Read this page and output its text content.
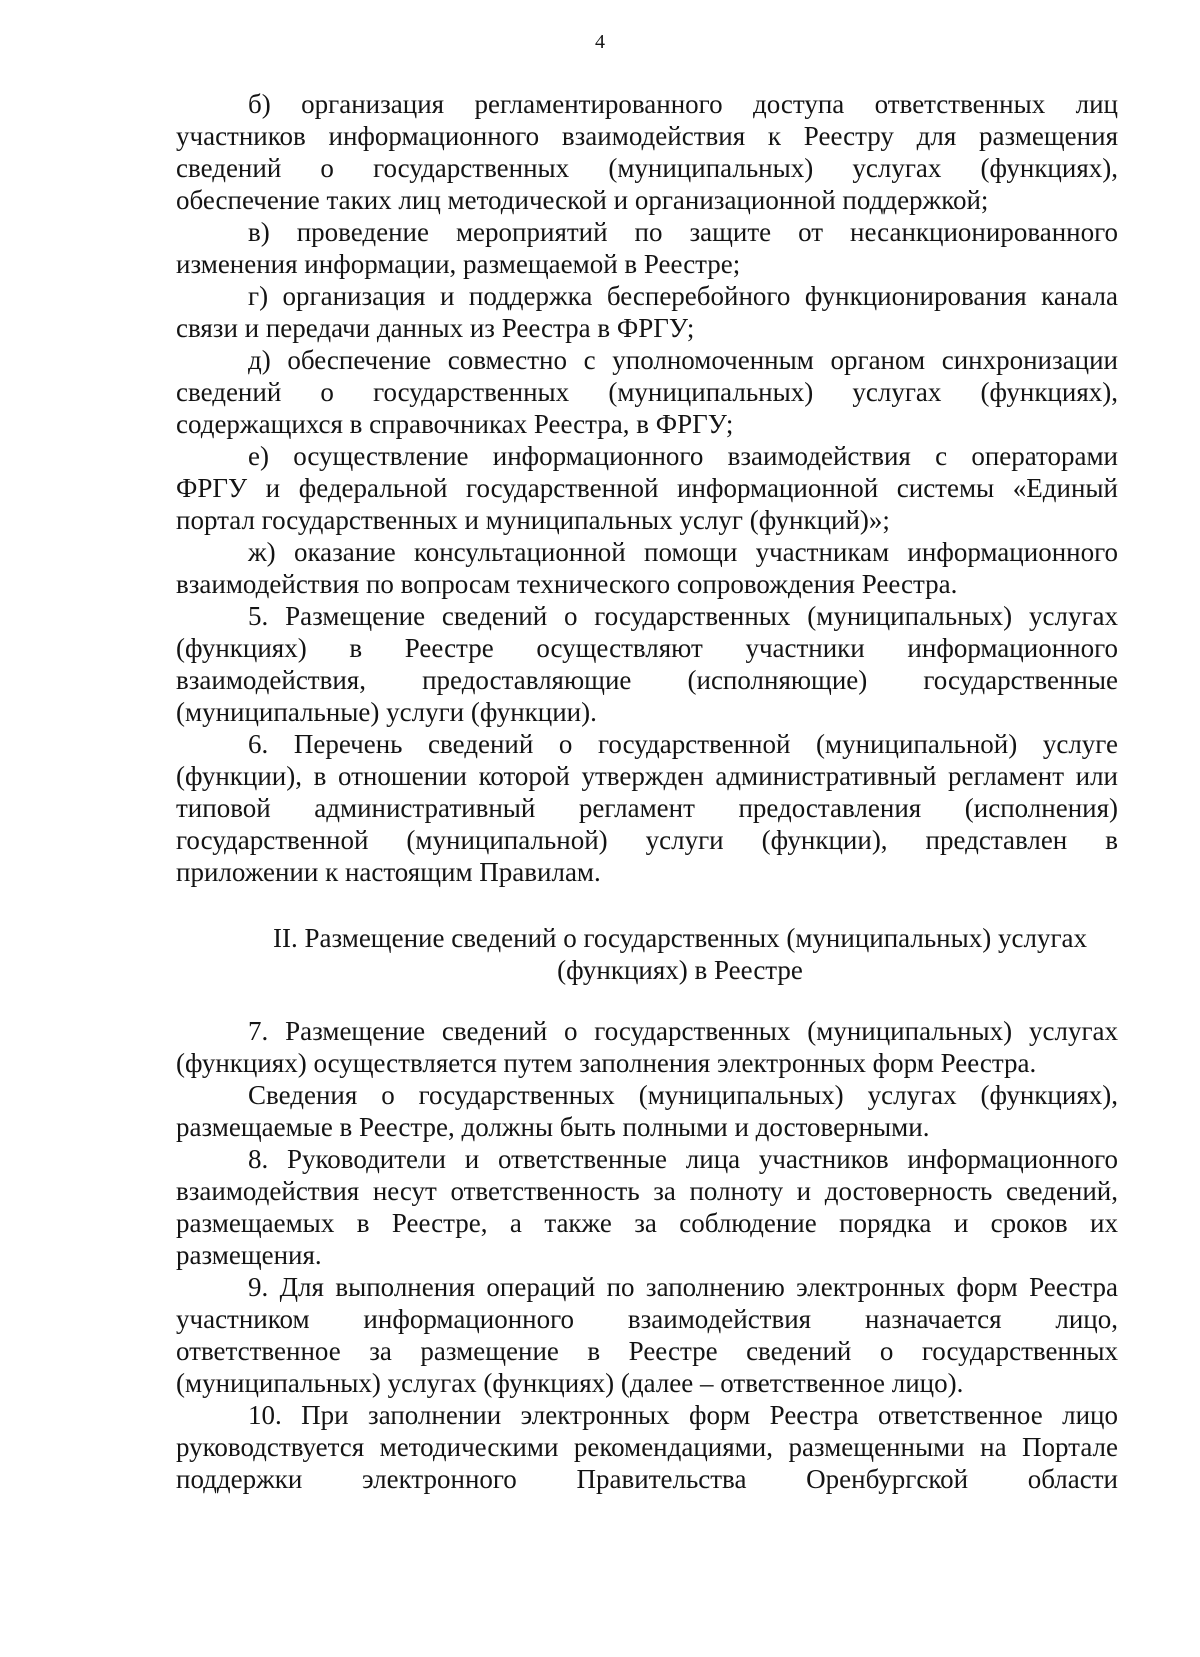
4
б) организация регламентированного доступа ответственных лиц
участников информационного взаимодействия к Реестру для размещения
сведений о государственных (муниципальных) услугах (функциях),
обеспечение таких лиц методической и организационной поддержкой;
в) проведение мероприятий по защите от несанкционированного
изменения информации, размещаемой в Реестре;
г) организация и поддержка бесперебойного функционирования канала
связи и передачи данных из Реестра в ФРГУ;
д) обеспечение совместно с уполномоченным органом синхронизации
сведений о государственных (муниципальных) услугах (функциях),
содержащихся в справочниках Реестра, в ФРГУ;
е) осуществление информационного взаимодействия с операторами
ФРГУ и федеральной государственной информационной системы «Единый
портал государственных и муниципальных услуг (функций)»;
ж) оказание консультационной помощи участникам информационного
взаимодействия по вопросам технического сопровождения Реестра.
5. Размещение сведений о государственных (муниципальных) услугах
(функциях) в Реестре осуществляют участники информационного
взаимодействия, предоставляющие (исполняющие) государственные
(муниципальные) услуги (функции).
6. Перечень сведений о государственной (муниципальной) услуге
(функции), в отношении которой утвержден административный регламент или
типовой административный регламент предоставления (исполнения)
государственной (муниципальной) услуги (функции), представлен в
приложении к настоящим Правилам.
II. Размещение сведений о государственных (муниципальных) услугах
(функциях) в Реестре
7. Размещение сведений о государственных (муниципальных) услугах
(функциях) осуществляется путем заполнения электронных форм Реестра.
Сведения о государственных (муниципальных) услугах (функциях),
размещаемые в Реестре, должны быть полными и достоверными.
8. Руководители и ответственные лица участников информационного
взаимодействия несут ответственность за полноту и достоверность сведений,
размещаемых в Реестре, а также за соблюдение порядка и сроков их
размещения.
9. Для выполнения операций по заполнению электронных форм Реестра
участником информационного взаимодействия назначается лицо,
ответственное за размещение в Реестре сведений о государственных
(муниципальных) услугах (функциях) (далее – ответственное лицо).
10. При заполнении электронных форм Реестра ответственное лицо
руководствуется методическими рекомендациями, размещенными на Портале
поддержки электронного Правительства Оренбургской области
